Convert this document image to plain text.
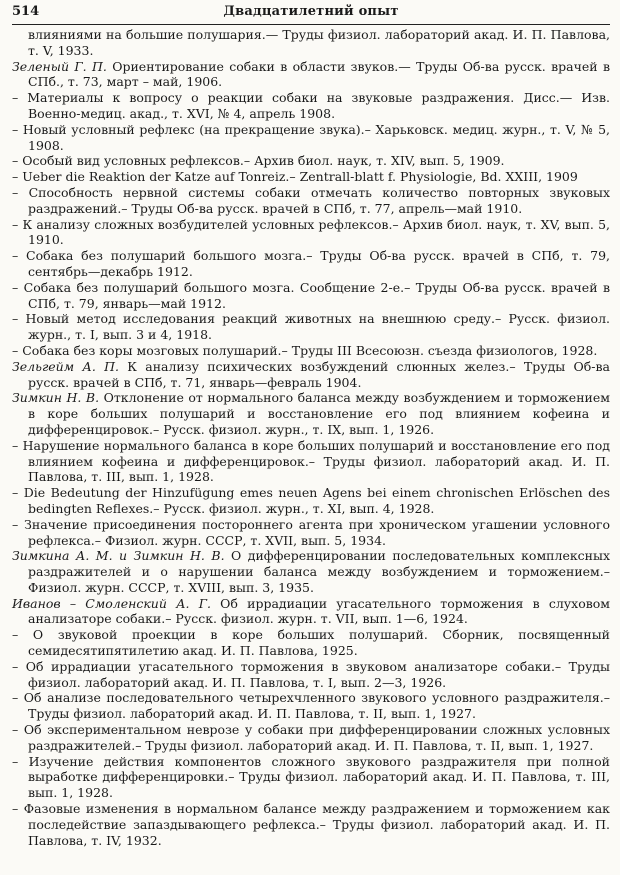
514	Двадцатилетний опыт

влияниями на большие полушария.— Труды физиол. лабораторий акад. И. П. Павлова, т. V, 1933.

Зеленый Г. П. Ориентирование собаки в области звуков.— Труды Об-ва русск. врачей в СПб., т. 73, март – май, 1906.

– Материалы к вопросу о реакции собаки на звуковые раздражения. Дисс.— Изв. Военно-медиц. акад., т. XVI, № 4, апрель 1908.

– Новый условный рефлекс (на прекращение звука).– Харьковск. медиц. журн., т. V, № 5, 1908.

– Особый вид условных рефлексов.– Архив биол. наук, т. XIV, вып. 5, 1909.

– Ueber die Reaktion der Katze auf Tonreiz.– Zentrall-blatt f. Physiologie, Bd. XXIII, 1909

– Способность нервной системы собаки отмечать количество повторных звуковых раздражений.– Труды Об-ва русск. врачей в СПб, т. 77, апрель—май 1910.

– К анализу сложных возбудителей условных рефлексов.– Архив биол. наук, т. XV, вып. 5, 1910.

– Собака без полушарий большого мозга.– Труды Об-ва русск. врачей в СПб, т. 79, сентябрь—декабрь 1912.

– Собака без полушарий большого мозга. Сообщение 2-е.– Труды Об-ва русск. врачей в СПб, т. 79, январь—май 1912.

– Новый метод исследования реакций животных на внешнюю среду.– Русск. физиол. журн., т. I, вып. 3 и 4, 1918.

– Собака без коры мозговых полушарий.– Труды III Всесоюзн. съезда физиологов, 1928.

Зельгейм А. П. К анализу психических возбуждений слюнных желез.– Труды Об-ва русск. врачей в СПб, т. 71, январь—февраль 1904.

Зимкин Н. В. Отклонение от нормального баланса между возбуждением и торможением в коре больших полушарий и восстановление его под влиянием кофеина и дифференцировок.– Русск. физиол. журн., т. IX, вып. 1, 1926.

– Нарушение нормального баланса в коре больших полушарий и восстановление его под влиянием кофеина и дифференцировок.– Труды физиол. лабораторий акад. И. П. Павлова, т. III, вып. 1, 1928.

– Die Bedeutung der Hinzufügung emes neuen Agens bei einem chronischen Erlöschen des bedingten Reflexes.– Русск. физиол. журн., т. XI, вып. 4, 1928.

– Значение присоединения постороннего агента при хроническом угашении условного рефлекса.– Физиол. журн. СССР, т. XVII, вып. 5, 1934.

Зимкина А. М. и Зимкин Н. В. О дифференцировании последовательных комплексных раздражителей и о нарушении баланса между возбуждением и торможением.– Физиол. журн. СССР, т. XVIII, вып. 3, 1935.

Иванов – Смоленский А. Г. Об иррадиации угасательного торможения в слуховом анализаторе собаки.– Русск. физиол. журн. т. VII, вып. 1—6, 1924.

– О звуковой проекции в коре больших полушарий. Сборник, посвященный семидесятипятилетию акад. И. П. Павлова, 1925.

– Об иррадиации угасательного торможения в звуковом анализаторе собаки.– Труды физиол. лабораторий акад. И. П. Павлова, т. I, вып. 2—3, 1926.

– Об анализе последовательного четырехчленного звукового условного раздражителя.– Труды физиол. лабораторий акад. И. П. Павлова, т. II, вып. 1, 1927.

– Об экспериментальном неврозе у собаки при дифференцировании сложных условных раздражителей.– Труды физиол. лабораторий акад. И. П. Павлова, т. II, вып. 1, 1927.

– Изучение действия компонентов сложного звукового раздражителя при полной выработке дифференцировки.– Труды физиол. лабораторий акад. И. П. Павлова, т. III, вып. 1, 1928.

– Фазовые изменения в нормальном балансе между раздражением и торможением как последействие запаздывающего рефлекса.– Труды физиол. лабораторий акад. И. П. Павлова, т. IV, 1932.
